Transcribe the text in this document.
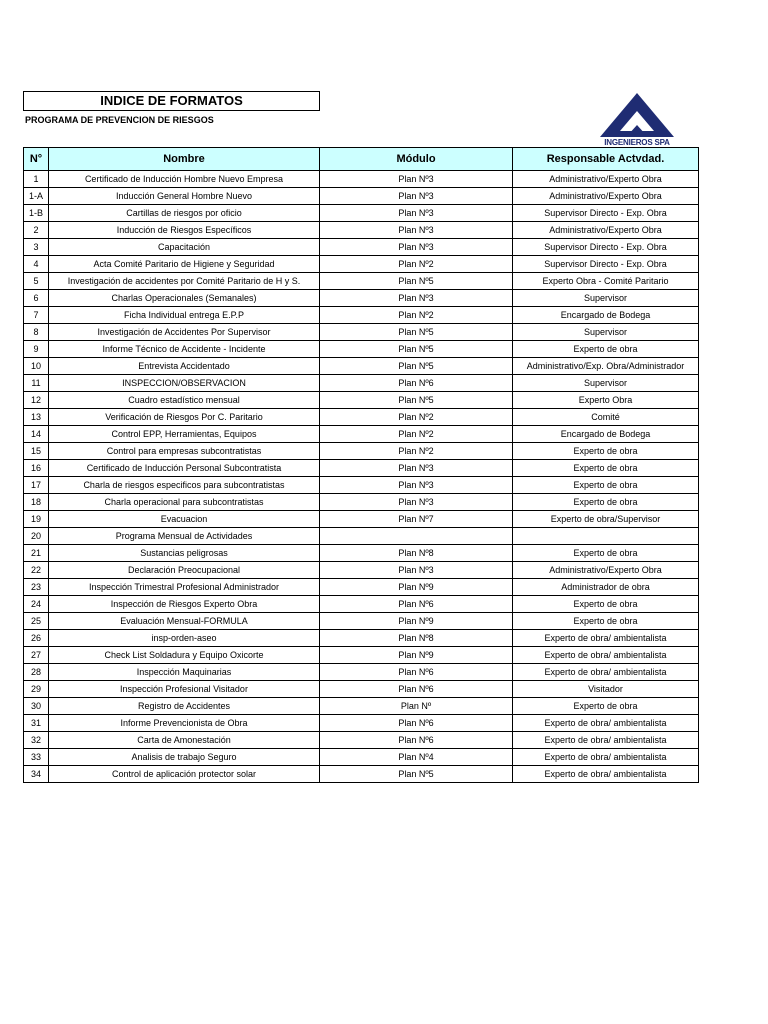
INDICE DE FORMATOS
PROGRAMA DE PREVENCION DE RIESGOS
INGENIEROS SPA
N°	Nombre	Módulo	Responsable Actvdad.
1	Certificado de Inducción Hombre Nuevo Empresa	Plan Nº3	Administrativo/Experto Obra
1-A	Inducción General Hombre Nuevo	Plan Nº3	Administrativo/Experto Obra
1-B	Cartillas de riesgos por oficio	Plan Nº3	Supervisor Directo - Exp. Obra
2	Inducción de Riesgos Específicos	Plan Nº3	Administrativo/Experto Obra
3	Capacitación	Plan Nº3	Supervisor Directo - Exp. Obra
4	Acta Comité Paritario de Higiene y Seguridad	Plan Nº2	Supervisor Directo - Exp. Obra
5	Investigación de accidentes por Comité Paritario de H y S.	Plan Nº5	Experto Obra - Comité Paritario
6	Charlas Operacionales (Semanales)	Plan Nº3	Supervisor
7	Ficha Individual entrega E.P.P	Plan Nº2	Encargado de Bodega
8	Investigación de Accidentes Por Supervisor	Plan Nº5	Supervisor
9	Informe Técnico de Accidente - Incidente	Plan Nº5	Experto de obra
10	Entrevista Accidentado	Plan Nº5	Administrativo/Exp. Obra/Administrador
11	INSPECCION/OBSERVACION	Plan Nº6	Supervisor
12	Cuadro estadístico mensual	Plan Nº5	Experto Obra
13	Verificación de Riesgos Por C. Paritario	Plan Nº2	Comité
14	Control EPP, Herramientas, Equipos	Plan Nº2	Encargado de Bodega
15	Control para empresas subcontratistas	Plan Nº2	Experto de obra
16	Certificado de Inducción Personal Subcontratista	Plan Nº3	Experto de obra
17	Charla de riesgos especificos para subcontratistas	Plan Nº3	Experto de obra
18	Charla operacional para subcontratistas	Plan Nº3	Experto de obra
19	Evacuacion	Plan Nº7	Experto de obra/Supervisor
20	Programa Mensual de Actividades		
21	Sustancias peligrosas	Plan Nº8	Experto de obra
22	Declaración Preocupacional	Plan Nº3	Administrativo/Experto Obra
23	Inspección Trimestral Profesional Administrador	Plan Nº9	Administrador de obra
24	Inspección de Riesgos Experto Obra	Plan Nº6	Experto de obra
25	Evaluación Mensual-FORMULA	Plan Nº9	Experto de obra
26	insp-orden-aseo	Plan Nº8	Experto de obra/ ambientalista
27	Check List Soldadura y Equipo Oxicorte	Plan Nº9	Experto de obra/ ambientalista
28	Inspección Maquinarias	Plan Nº6	Experto de obra/ ambientalista
29	Inspección Profesional Visitador	Plan Nº6	Visitador
30	Registro de Accidentes	Plan Nº	Experto de obra
31	Informe Prevencionista de Obra	Plan Nº6	Experto de obra/ ambientalista
32	Carta de Amonestación	Plan Nº6	Experto de obra/ ambientalista
33	Analisis de trabajo Seguro	Plan Nº4	Experto de obra/ ambientalista
34	Control de aplicación protector solar	Plan Nº5	Experto de obra/ ambientalista
